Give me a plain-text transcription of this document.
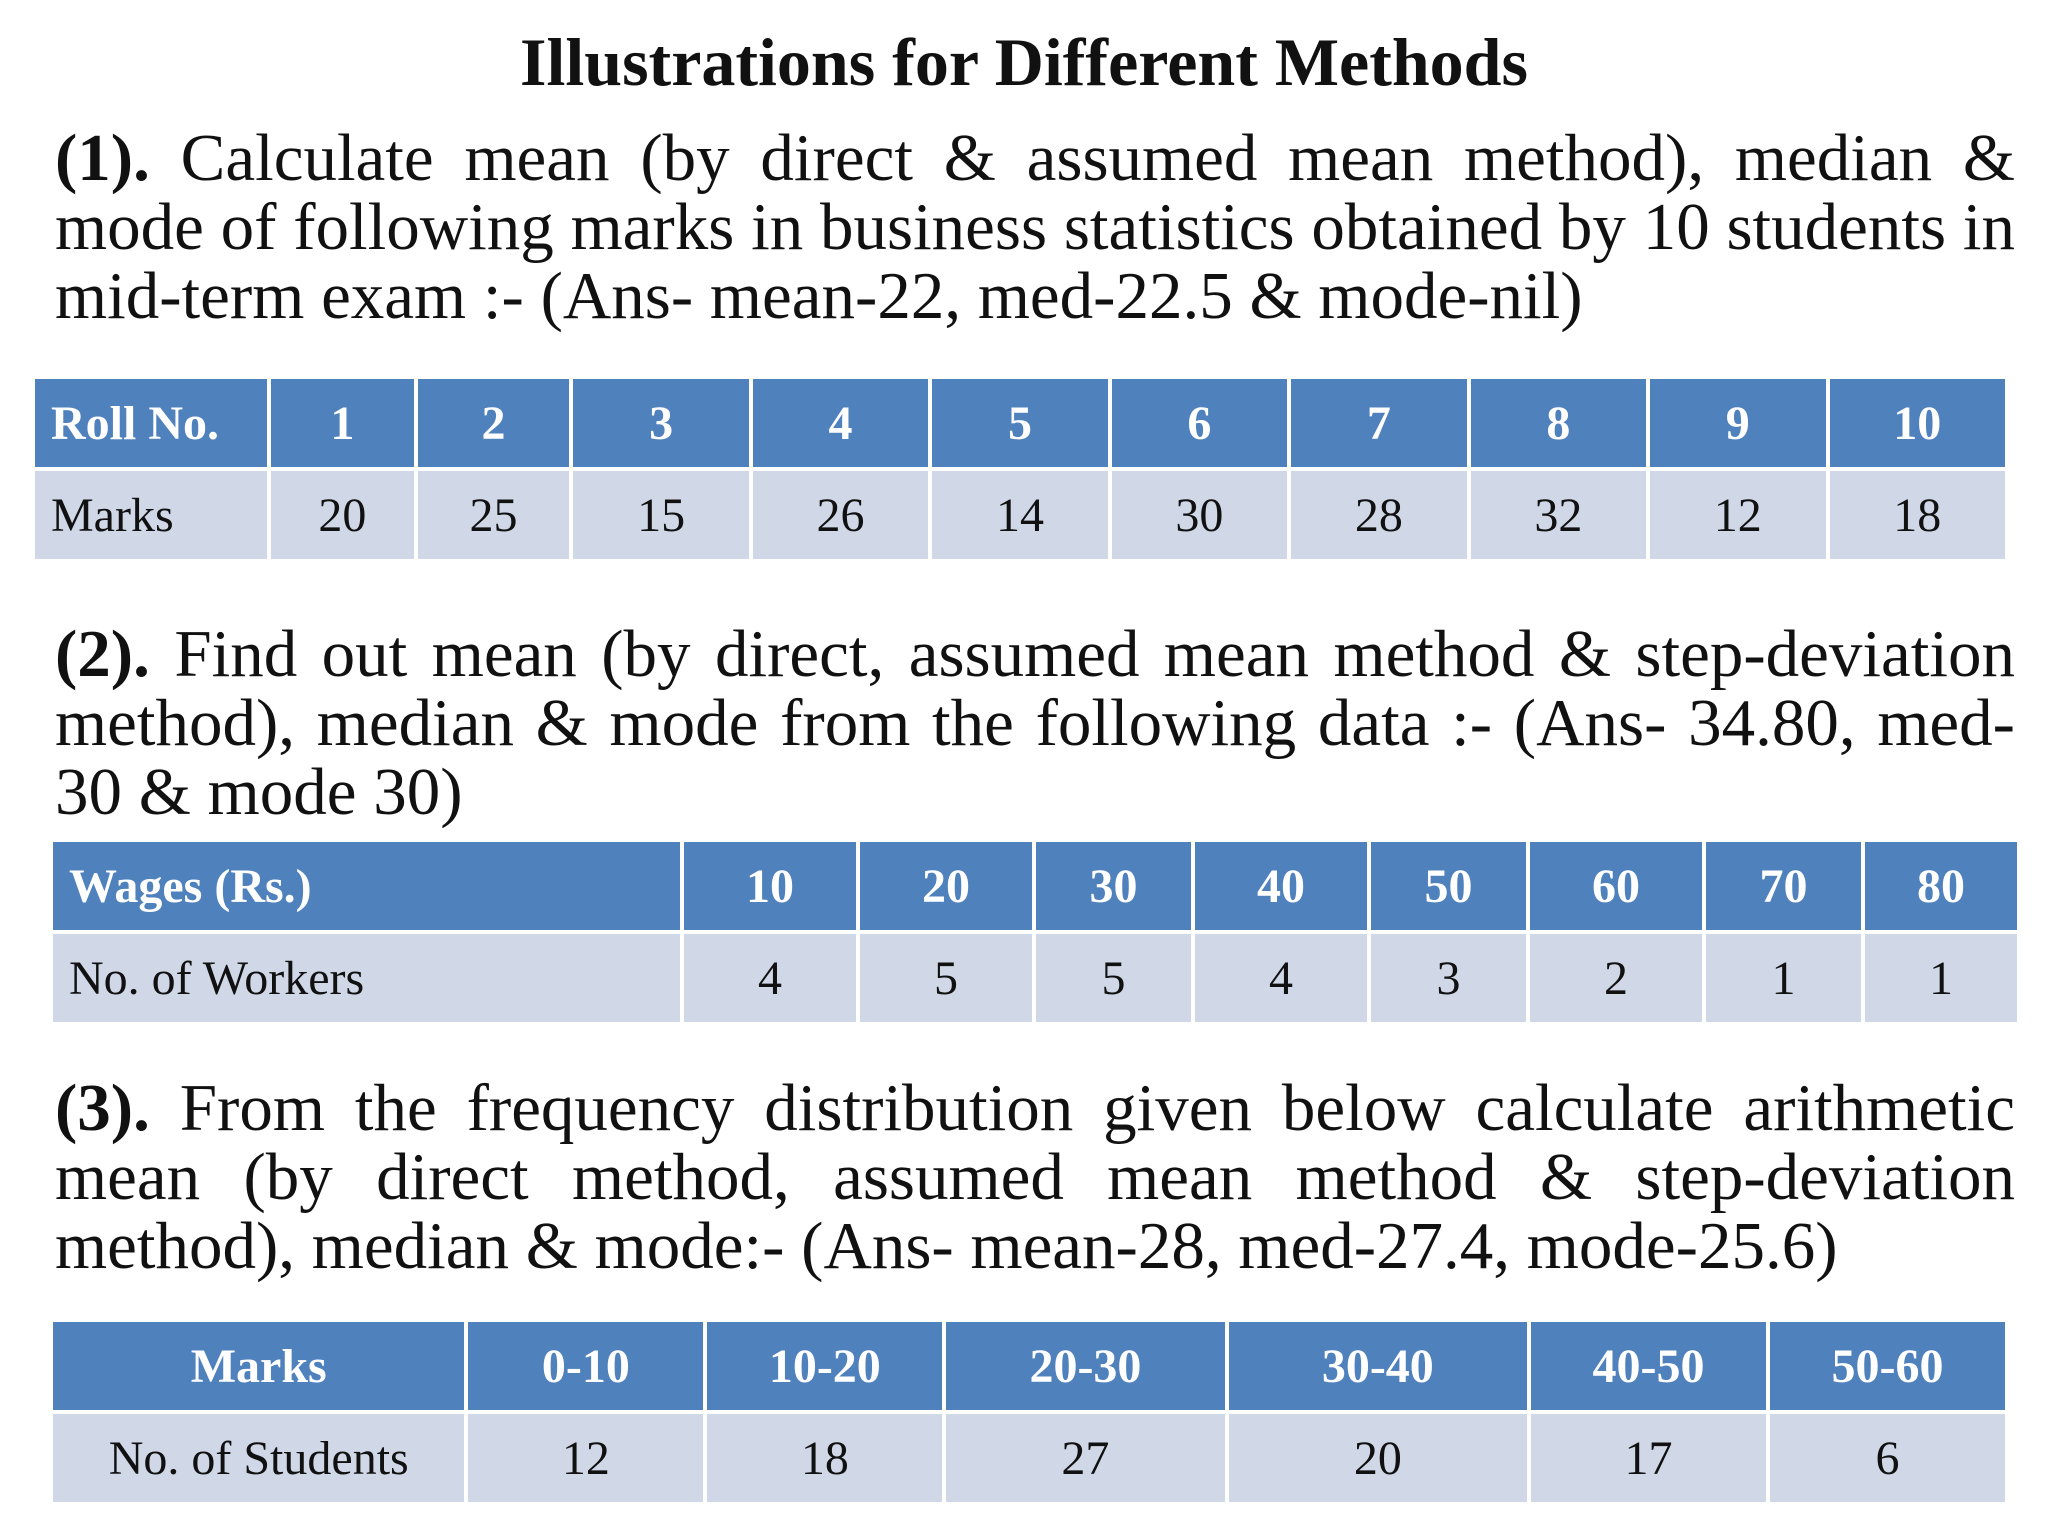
Illustrations for Different Methods

(1). Calculate mean (by direct & assumed mean method), median & mode of following marks in business statistics obtained by 10 students in mid-term exam :- (Ans- mean-22, med-22.5 & mode-nil)

Roll No.	1	2	3	4	5	6	7	8	9	10
Marks	20	25	15	26	14	30	28	32	12	18

(2). Find out mean (by direct, assumed mean method & step-deviation method), median & mode from the following data :- (Ans- 34.80, med-30 & mode 30)

Wages (Rs.)	10	20	30	40	50	60	70	80
No. of Workers	4	5	5	4	3	2	1	1

(3). From the frequency distribution given below calculate arithmetic mean (by direct method, assumed mean method & step-deviation method), median & mode:- (Ans- mean-28, med-27.4, mode-25.6)

Marks	0-10	10-20	20-30	30-40	40-50	50-60
No. of Students	12	18	27	20	17	6
